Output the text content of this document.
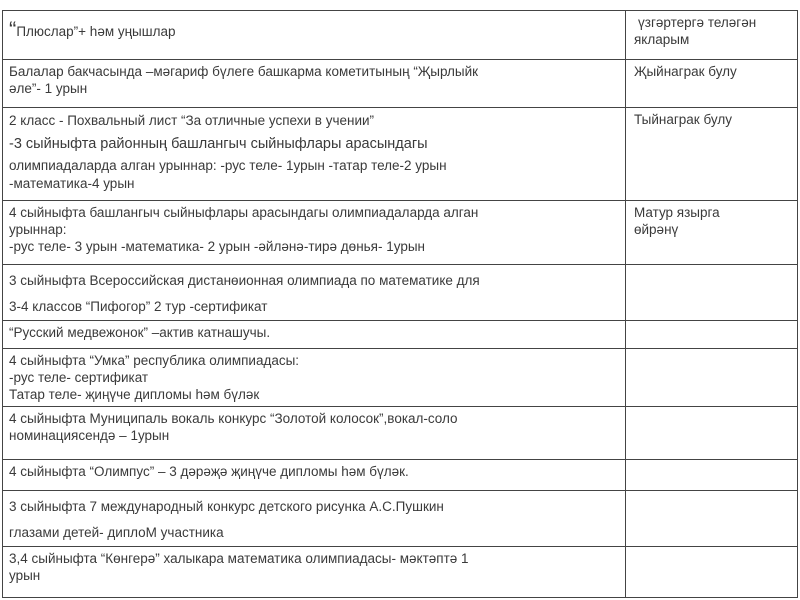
“Плюслар”+ һәм уңышлар	үзгәртергә теләгән
якларым

Балалар бакчасында –мәгариф бүлеге башкарма кометитының “Җырлыйк
әле”- 1 урын	Җыйнаграк булу

2 класс - Похвальный лист “За отличные успехи в учении”
-3 сыйныфта районның башлангыч сыйныфлары арасындагы
олимпиадаларда алган урыннар: -рус теле- 1урын -татар теле-2 урын
-математика-4 урын	Тыйнаграк булу

4 сыйныфта башлангыч сыйныфлары арасындагы олимпиадаларда алган
урыннар:
-рус теле- 3 урын -математика- 2 урын -әйләнә-тирә дөнья- 1урын	Матур язырга
өйрәнү

3 сыйныфта Всероссийская дистанөионная олимпиада по математике для
3-4 классов “Пифогор” 2 тур -сертификат	

“Русский медвежонок” –актив катнашучы.	

4 сыйныфта “Умка” республика олимпиадасы:
-рус теле- сертификат
Татар теле- җиңүче дипломы һәм бүләк	

4 сыйныфта Муниципаль вокаль конкурс “Золотой колосок”,вокал-соло
номинациясендә – 1урын	

4 сыйныфта “Олимпус” – 3 дәрәҗә җиңүче дипломы һәм бүләк.	

3 сыйныфта 7 международный конкурс детского рисунка А.С.Пушкин
глазами детей- диплоМ участника	

3,4 сыйныфта “Көнгерә” халыкара математика олимпиадасы- мәктәптә 1
урын	
